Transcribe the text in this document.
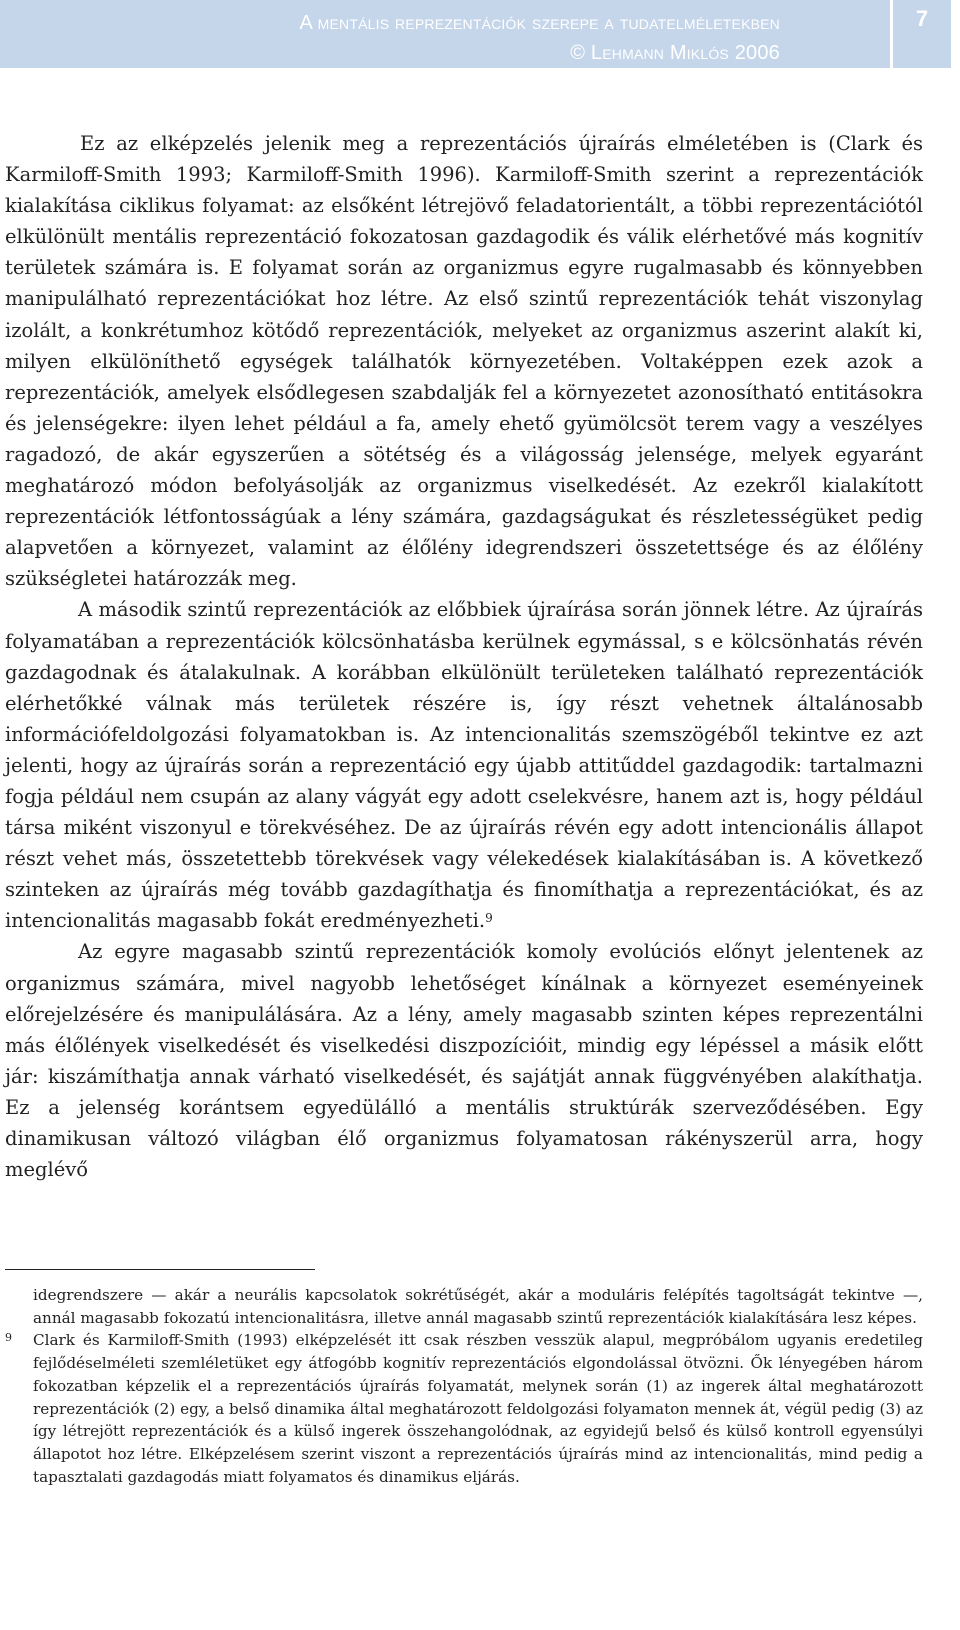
A mentális reprezentációk szerepe a tudatelméletekben
© Lehmann Miklós 2006
7

Ez az elképzelés jelenik meg a reprezentációs újraírás elméletében is (Clark és Karmiloff-Smith 1993; Karmiloff-Smith 1996). Karmiloff-Smith szerint a reprezentációk kialakítása ciklikus folyamat: az elsőként létrejövő feladatorientált, a többi reprezentációtól elkülönült mentális reprezentáció fokozatosan gazdagodik és válik elérhetővé más kognitív területek számára is. E folyamat során az organizmus egyre rugalmasabb és könnyebben manipulálható reprezentációkat hoz létre. Az első szintű reprezentációk tehát viszonylag izolált, a konkrétumhoz kötődő reprezentációk, melyeket az organizmus aszerint alakít ki, milyen elkülöníthető egységek találhatók környezetében. Voltaképpen ezek azok a reprezentációk, amelyek elsődlegesen szabdalják fel a környezetet azonosítható entitásokra és jelenségekre: ilyen lehet például a fa, amely ehető gyümölcsöt terem vagy a veszélyes ragadozó, de akár egyszerűen a sötétség és a világosság jelensége, melyek egyaránt meghatározó módon befolyásolják az organizmus viselkedését. Az ezekről kialakított reprezentációk létfontosságúak a lény számára, gazdagságukat és részletességüket pedig alapvetően a környezet, valamint az élőlény idegrendszeri összetettsége és az élőlény szükségletei határozzák meg.

A második szintű reprezentációk az előbbiek újraírása során jönnek létre. Az újraírás folyamatában a reprezentációk kölcsönhatásba kerülnek egymással, s e kölcsönhatás révén gazdagodnak és átalakulnak. A korábban elkülönült területeken található reprezentációk elérhetőkké válnak más területek részére is, így részt vehetnek általánosabb információfeldolgozási folyamatokban is. Az intencionalitás szemszögéből tekintve ez azt jelenti, hogy az újraírás során a reprezentáció egy újabb attitűddel gazdagodik: tartalmazni fogja például nem csupán az alany vágyát egy adott cselekvésre, hanem azt is, hogy például társa miként viszonyul e törekvéséhez. De az újraírás révén egy adott intencionális állapot részt vehet más, összetettebb törekvések vagy vélekedések kialakításában is. A következő szinteken az újraírás még tovább gazdagíthatja és finomíthatja a reprezentációkat, és az intencionalitás magasabb fokát eredményezheti.$^9$

Az egyre magasabb szintű reprezentációk komoly evolúciós előnyt jelentenek az organizmus számára, mivel nagyobb lehetőséget kínálnak a környezet eseményeinek előrejelzésére és manipulálására. Az a lény, amely magasabb szinten képes reprezentálni más élőlények viselkedését és viselkedési diszpozícióit, mindig egy lépéssel a másik előtt jár: kiszámíthatja annak várható viselkedését, és sajátját annak függvényében alakíthatja. Ez a jelenség korántsem egyedülálló a mentális struktúrák szerveződésében. Egy dinamikusan változó világban élő organizmus folyamatosan rákényszerül arra, hogy meglévő

idegrendszere — akár a neurális kapcsolatok sokrétűségét, akár a moduláris felépítés tagoltságát tekintve —, annál magasabb fokozatú intencionalitásra, illetve annál magasabb szintű reprezentációk kialakítására lesz képes.

9 Clark és Karmiloff-Smith (1993) elképzelését itt csak részben vesszük alapul, megpróbálom ugyanis eredetileg fejlődéselméleti szemléletüket egy átfogóbb kognitív reprezentációs elgondolással ötvözni. Ők lényegében három fokozatban képzelik el a reprezentációs újraírás folyamatát, melynek során (1) az ingerek által meghatározott reprezentációk (2) egy, a belső dinamika által meghatározott feldolgozási folyamaton mennek át, végül pedig (3) az így létrejött reprezentációk és a külső ingerek összehangolódnak, az egyidejű belső és külső kontroll egyensúlyi állapotot hoz létre. Elképzelésem szerint viszont a reprezentációs újraírás mind az intencionalitás, mind pedig a tapasztalati gazdagodás miatt folyamatos és dinamikus eljárás.
